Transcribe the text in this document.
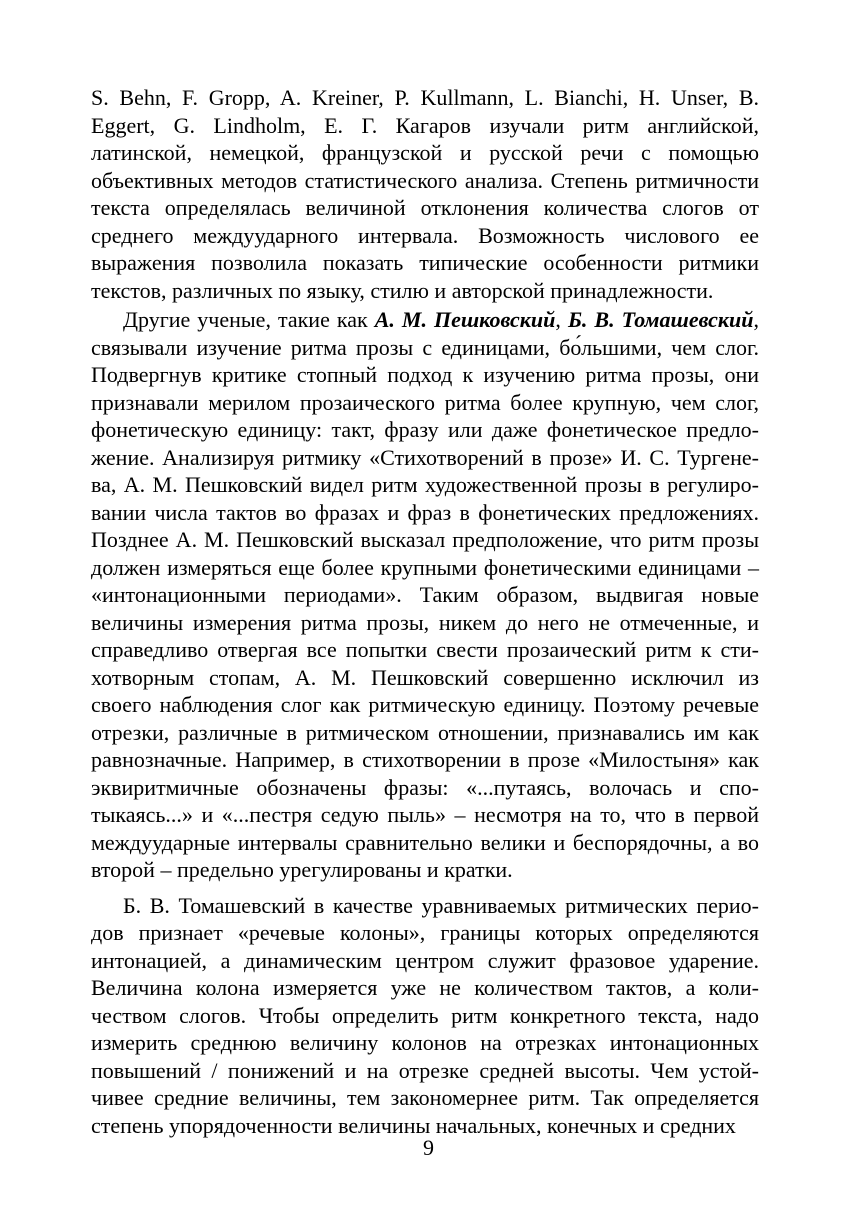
S. Behn, F. Gropp, A. Kreiner, P. Kullmann, L. Bianchi, H. Unser, B. Eggert, G. Lindholm, Е. Г. Кагаров изучали ритм английской, латинской, немецкой, французской и русской речи с помощью объективных методов статистического анализа. Степень ритмичности текста определялась величиной отклонения количества слогов от среднего междуударного интервала. Возможность числового ее выражения позволила показать типические особенности ритмики текстов, различных по языку, стилю и авторской принадлежности.

Другие ученые, такие как А. М. Пешковский, Б. В. Томашевский, связывали изучение ритма прозы с единицами, бо́льшими, чем слог. Подвергнув критике стопный подход к изучению ритма прозы, они признавали мерилом прозаического ритма более крупную, чем слог, фонетическую единицу: такт, фразу или даже фонетическое предложение. Анализируя ритмику «Стихотворений в прозе» И. С. Тургенева, А. М. Пешковский видел ритм художественной прозы в регулировании числа тактов во фразах и фраз в фонетических предложениях. Позднее А. М. Пешковский высказал предположение, что ритм прозы должен измеряться еще более крупными фонетическими единицами – «интонационными периодами». Таким образом, выдвигая новые величины измерения ритма прозы, никем до него не отмеченные, и справедливо отвергая все попытки свести прозаический ритм к стихотворным стопам, А. М. Пешковский совершенно исключил из своего наблюдения слог как ритмическую единицу. Поэтому речевые отрезки, различные в ритмическом отношении, признавались им как равнозначные. Например, в стихотворении в прозе «Милостыня» как эквиритмичные обозначены фразы: «...путаясь, волочась и спотыкаясь...» и «...пестря седую пыль» – несмотря на то, что в первой междуударные интервалы сравнительно велики и беспорядочны, а во второй – предельно урегулированы и кратки.

Б. В. Томашевский в качестве уравниваемых ритмических периодов признает «речевые колоны», границы которых определяются интонацией, а динамическим центром служит фразовое ударение. Величина колона измеряется уже не количеством тактов, а количеством слогов. Чтобы определить ритм конкретного текста, надо измерить среднюю величину колонов на отрезках интонационных повышений / понижений и на отрезке средней высоты. Чем устойчивее средние величины, тем закономернее ритм. Так определяется степень упорядоченности величины начальных, конечных и средних

9
